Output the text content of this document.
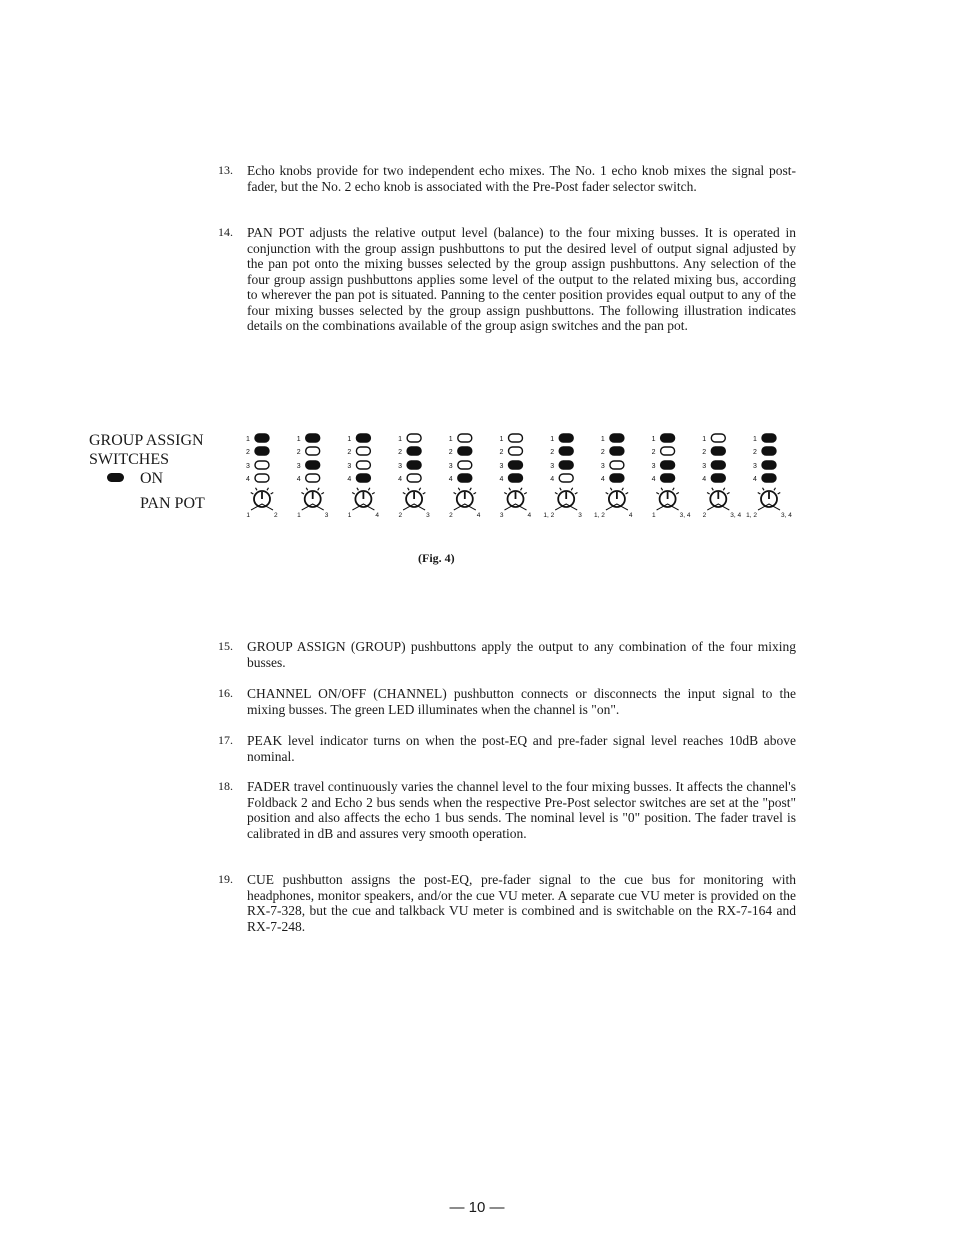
13. Echo knobs provide for two independent echo mixes. The No. 1 echo knob mixes the signal post-fader, but the No. 2 echo knob is associated with the Pre-Post fader selector switch.
14. PAN POT adjusts the relative output level (balance) to the four mixing busses. It is operated in conjunction with the group assign pushbuttons to put the desired level of output signal adjusted by the pan pot onto the mixing busses selected by the group assign pushbuttons. Any selection of the four group assign pushbuttons applies some level of the output to the related mixing bus, according to wherever the pan pot is situated. Panning to the center position provides equal output to any of the four mixing busses selected by the group assign pushbuttons. The following illustration indicates details on the combinations available of the group asign switches and the pan pot.
GROUP ASSIGN
SWITCHES
ON
PAN POT
1
2
3
4
1	2
1
2
3
4
1	3
1
2
3
4
1	4
1
2
3
4
2	3
1
2
3
4
2	4
1
2
3
4
3	4
1
2
3
4
1, 2	3
1
2
3
4
1, 2	4
1
2
3
4
1	3, 4
1
2
3
4
2	3, 4
1
2
3
4
1, 2	3, 4
(Fig. 4)
15. GROUP ASSIGN (GROUP) pushbuttons apply the output to any combination of the four mixing busses.
16. CHANNEL ON/OFF (CHANNEL) pushbutton connects or disconnects the input signal to the mixing busses. The green LED illuminates when the channel is "on".
17. PEAK level indicator turns on when the post-EQ and pre-fader signal level reaches 10dB above nominal.
18. FADER travel continuously varies the channel level to the four mixing busses. It affects the channel's Foldback 2 and Echo 2 bus sends when the respective Pre-Post selector switches are set at the "post" position and also affects the echo 1 bus sends. The nominal level is "0" position. The fader travel is calibrated in dB and assures very smooth operation.
19. CUE pushbutton assigns the post-EQ, pre-fader signal to the cue bus for monitoring with headphones, monitor speakers, and/or the cue VU meter. A separate cue VU meter is provided on the RX-7-328, but the cue and talkback VU meter is combined and is switchable on the RX-7-164 and RX-7-248.
— 10 —
